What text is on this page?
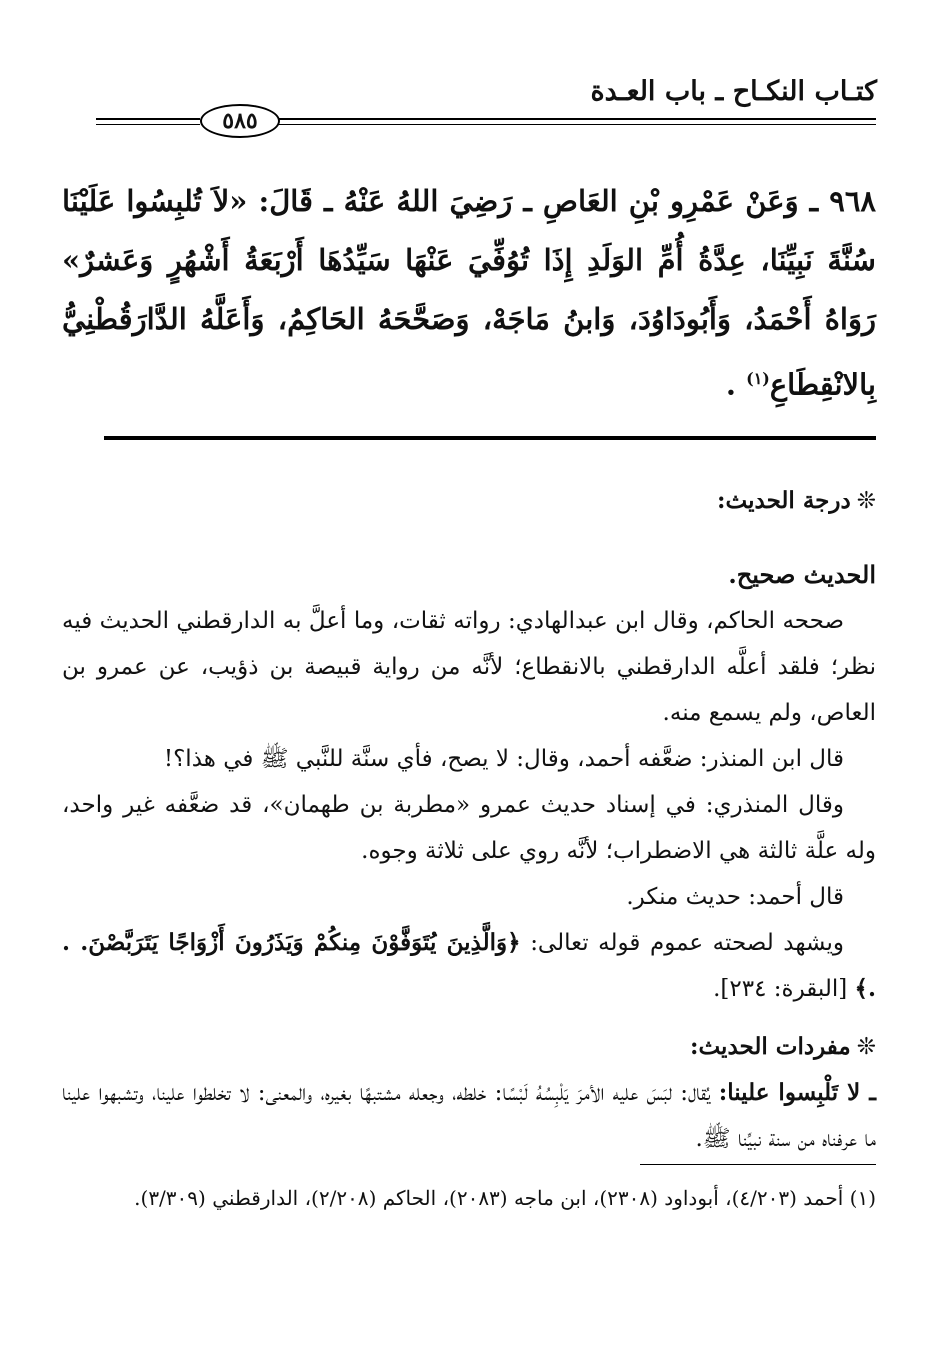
كتـاب النكـاح ـ باب العـدة
٥٨٥
٩٦٨ ـ وَعَنْ عَمْرِو بْنِ العَاصِ ـ رَضِيَ اللهُ عَنْهُ ـ قَالَ: «لاَ تُلبِسُوا عَلَيْنَا سُنَّةَ نَبِيِّنَا، عِدَّةُ أُمِّ الوَلَدِ إِذَا تُوُفِّيَ عَنْهَا سَيِّدُهَا أَرْبَعَةُ أَشْهُرٍ وَعَشرٌ» رَوَاهُ أَحْمَدُ، وَأَبُودَاوُدَ، وَابنُ مَاجَهْ، وَصَحَّحَهُ الحَاكِمُ، وَأَعَلَّهُ الدَّارَقُطْنِيُّ بِالانْقِطَاعِ$^{(١)}$ .

❊درجة الحديث:

الحديث صحيح.

صححه الحاكم، وقال ابن عبدالهادي: رواته ثقات، وما أعلَّ به الدارقطني الحديث فيه نظر؛ فلقد أعلَّه الدارقطني بالانقطاع؛ لأنَّه من رواية قبيصة بن ذؤيب، عن عمرو بن العاص، ولم يسمع منه.

قال ابن المنذر: ضعَّفه أحمد، وقال: لا يصح، فأي سنَّة للنَّبي ﷺ في هذا؟!

وقال المنذري: في إسناد حديث عمرو «مطربة بن طهمان»، قد ضعَّفه غير واحد، وله علَّة ثالثة هي الاضطراب؛ لأنَّه روي على ثلاثة وجوه.

قال أحمد: حديث منكر.

ويشهد لصحته عموم قوله تعالى: ﴿وَالَّذِينَ يُتَوَفَّوْنَ مِنكُمْ وَيَذَرُونَ أَزْوَاجًا يَتَرَبَّصْنَ. . .﴾ [البقرة: ٢٣٤].

❊مفردات الحديث:

ـ لا تَلْبِسوا علينا: يُقال: لبَسَ عليه الأمرَ يَلْبِسُهُ لَبْسًا: خلطه، وجعله مشتبهًا بغيره، والمعنى: لا تخلطوا علينا، وتشبهوا علينا ما عرفناه من سنة نبيِّنا ﷺ.

(١) أحمد (٤/٢٠٣)، أبوداود (٢٣٠٨)، ابن ماجه (٢٠٨٣)، الحاكم (٢/٢٠٨)، الدارقطني (٣/٣٠٩).
